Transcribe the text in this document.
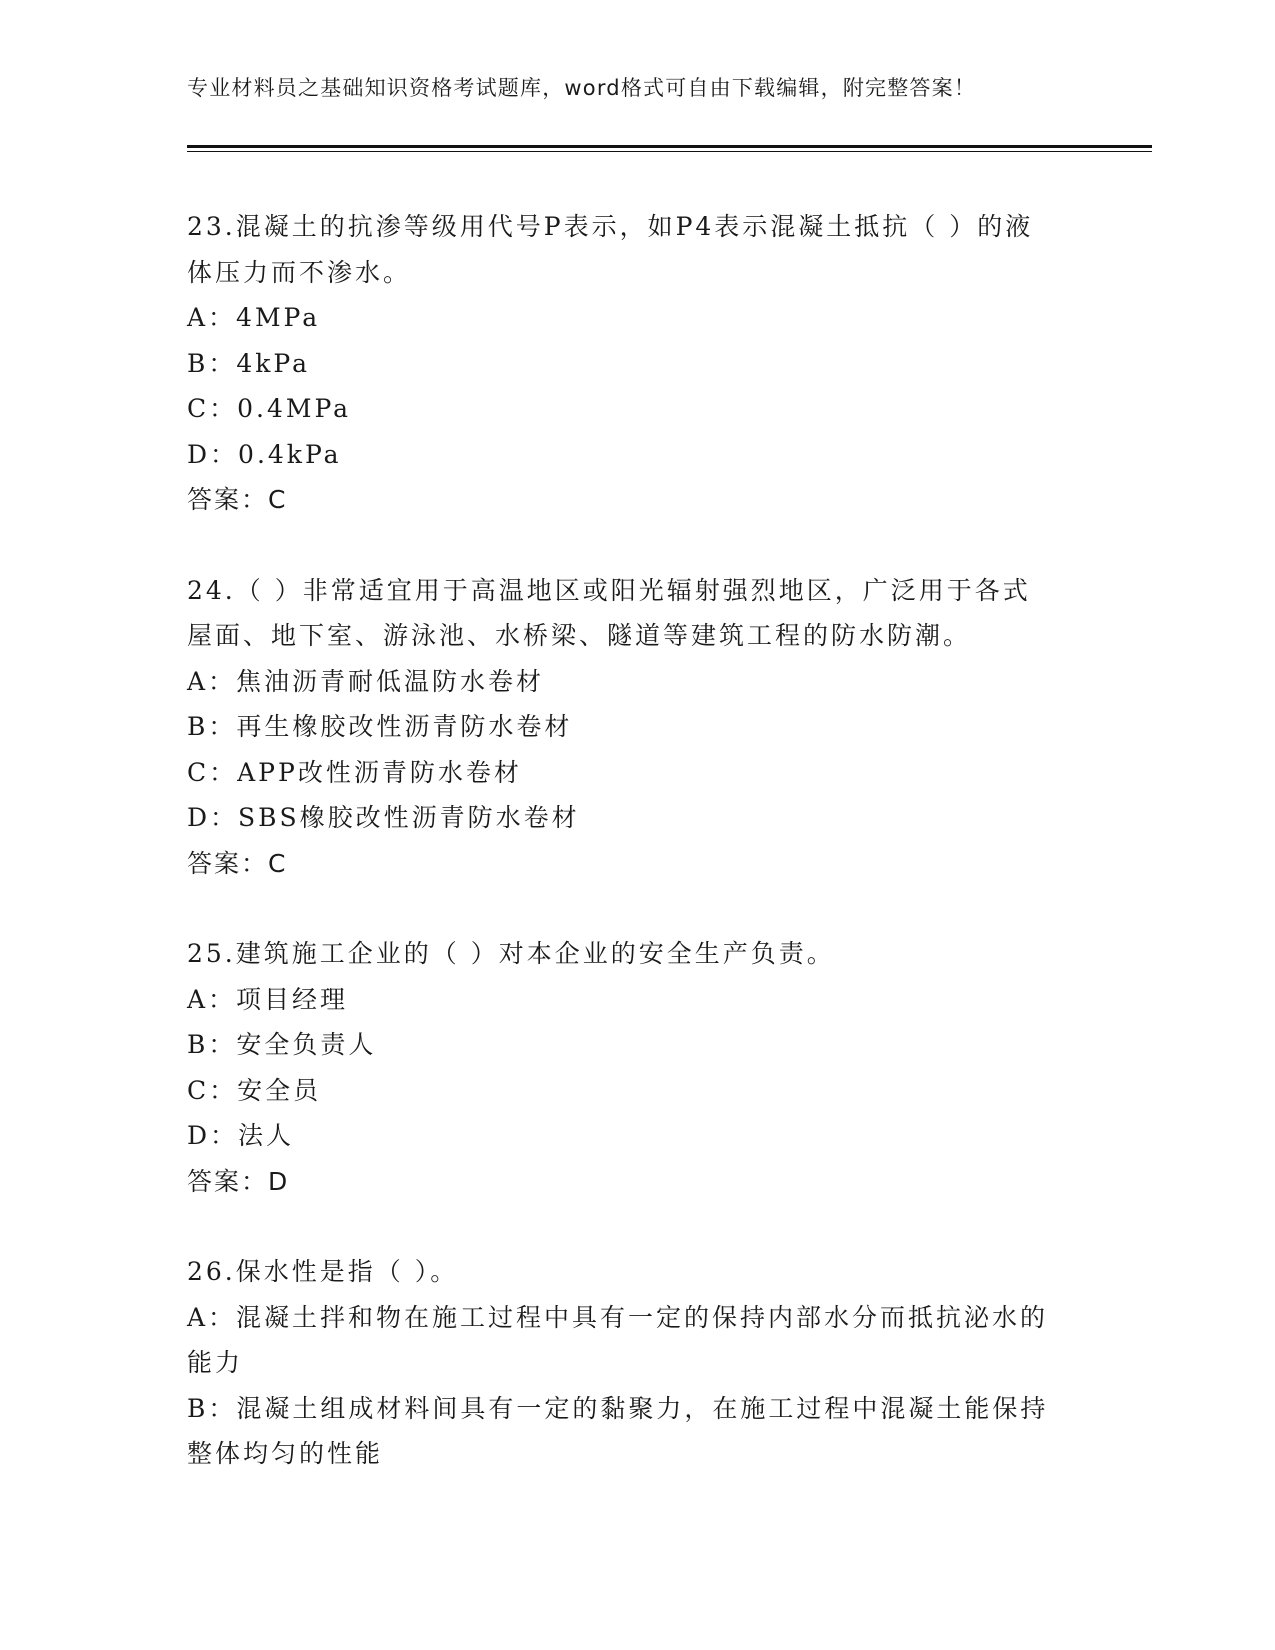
专业材料员之基础知识资格考试题库，word格式可自由下载编辑，附完整答案！
23.混凝土的抗渗等级用代号P表示，如P4表示混凝土抵抗（ ）的液
体压力而不渗水。
A：4MPa
B：4kPa
C：0.4MPa
D：0.4kPa
答案：C
24.（ ）非常适宜用于高温地区或阳光辐射强烈地区，广泛用于各式
屋面、地下室、游泳池、水桥梁、隧道等建筑工程的防水防潮。
A：焦油沥青耐低温防水卷材
B：再生橡胶改性沥青防水卷材
C：APP改性沥青防水卷材
D：SBS橡胶改性沥青防水卷材
答案：C
25.建筑施工企业的（ ）对本企业的安全生产负责。
A：项目经理
B：安全负责人
C：安全员
D：法人
答案：D
26.保水性是指（ ）。
A：混凝土拌和物在施工过程中具有一定的保持内部水分而抵抗泌水的
能力
B：混凝土组成材料间具有一定的黏聚力，在施工过程中混凝土能保持
整体均匀的性能
